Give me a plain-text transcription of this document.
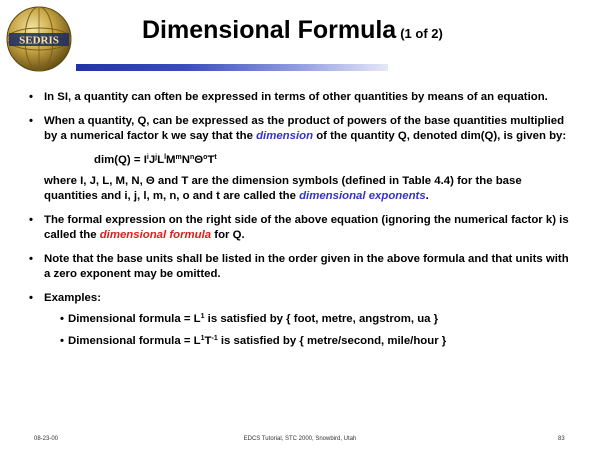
SEDRIS	Dimensional Formula (1 of 2)
• In SI, a quantity can often be expressed in terms of other quantities by means of an equation.
• When a quantity, Q, can be expressed as the product of powers of the base quantities multiplied by a numerical factor k we say that the dimension of the quantity Q, denoted dim(Q), is given by:
$dim(Q) = I^iJ^jL^lM^mN^n\Theta^oT^t$
where I, J, L, M, N, Θ and T are the dimension symbols (defined in Table 4.4) for the base quantities and i, j, l, m, n, o and t are called the dimensional exponents.
• The formal expression on the right side of the above equation (ignoring the numerical factor k) is called the dimensional formula for Q.
• Note that the base units shall be listed in the order given in the above formula and that units with a zero exponent may be omitted.
• Examples:
• Dimensional formula = $L^1$ is satisfied by { foot, metre, angstrom, ua }
• Dimensional formula = $L^1T^{-1}$ is satisfied by { metre/second, mile/hour }
08-23-00	EDCS Tutorial, STC 2000, Snowbird, Utah	83
